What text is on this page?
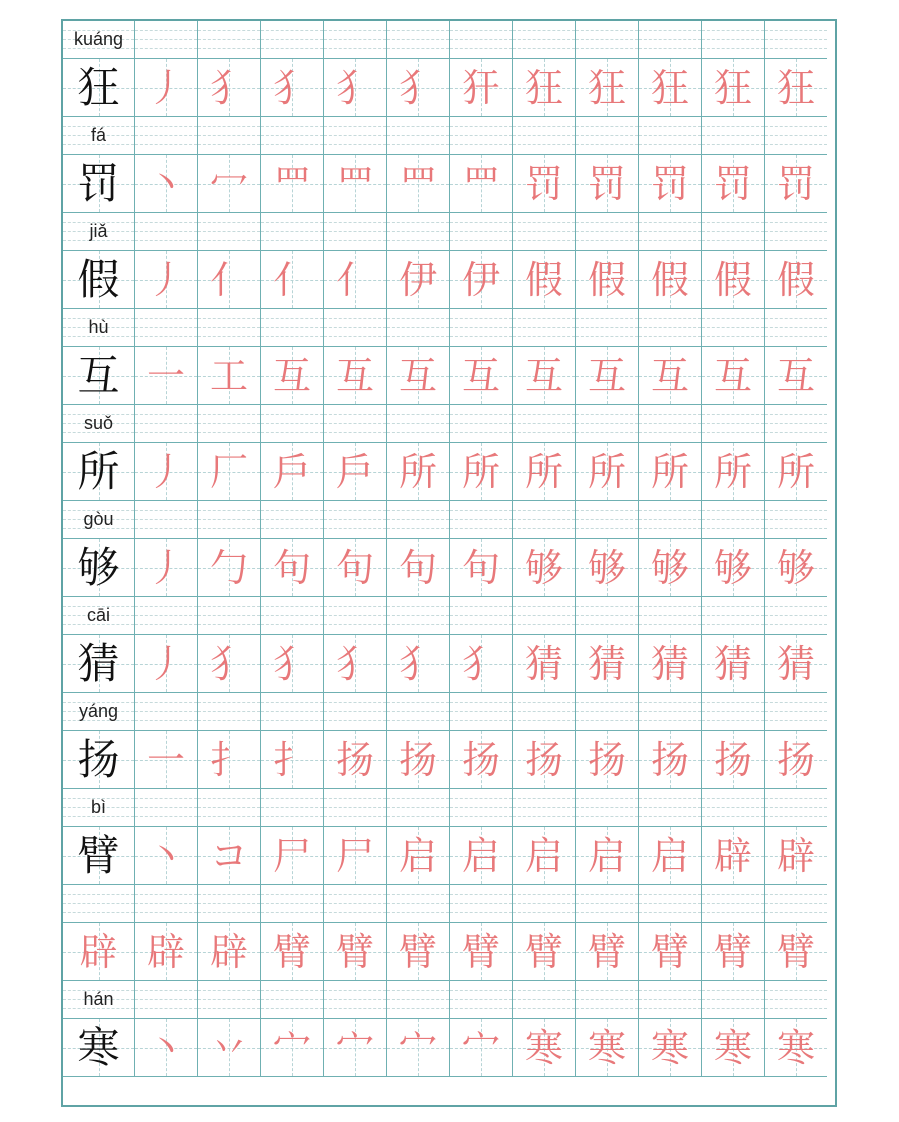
kuáng
狂 丿 犭 犭 犭 犭 犴 狂 狂 狂 狂 狂
fá
罚 丶 冖 罒 罒 罒 罒 罚 罚 罚 罚 罚
jiǎ
假 丿 亻 亻 亻 伊 伊 假 假 假 假 假
hù
互 一 工 互 互 互 互 互 互 互 互 互
suǒ
所 丿 厂 戶 戶 所 所 所 所 所 所 所
gòu
够 丿 勹 句 句 句 句 够 够 够 够 够
cāi
猜 丿 犭 犭 犭 犭 犭 猜 猜 猜 猜 猜
yáng
扬 一 扌 扌 扬 扬 扬 扬 扬 扬 扬 扬
bì
臂 丶 コ 尸 尸 启 启 启 启 启 辟 辟
辟 辟 辟 臂 臂 臂 臂 臂 臂 臂 臂 臂
hán
寒 丶 丷 宀 宀 宀 宀 寒 寒 寒 寒 寒
